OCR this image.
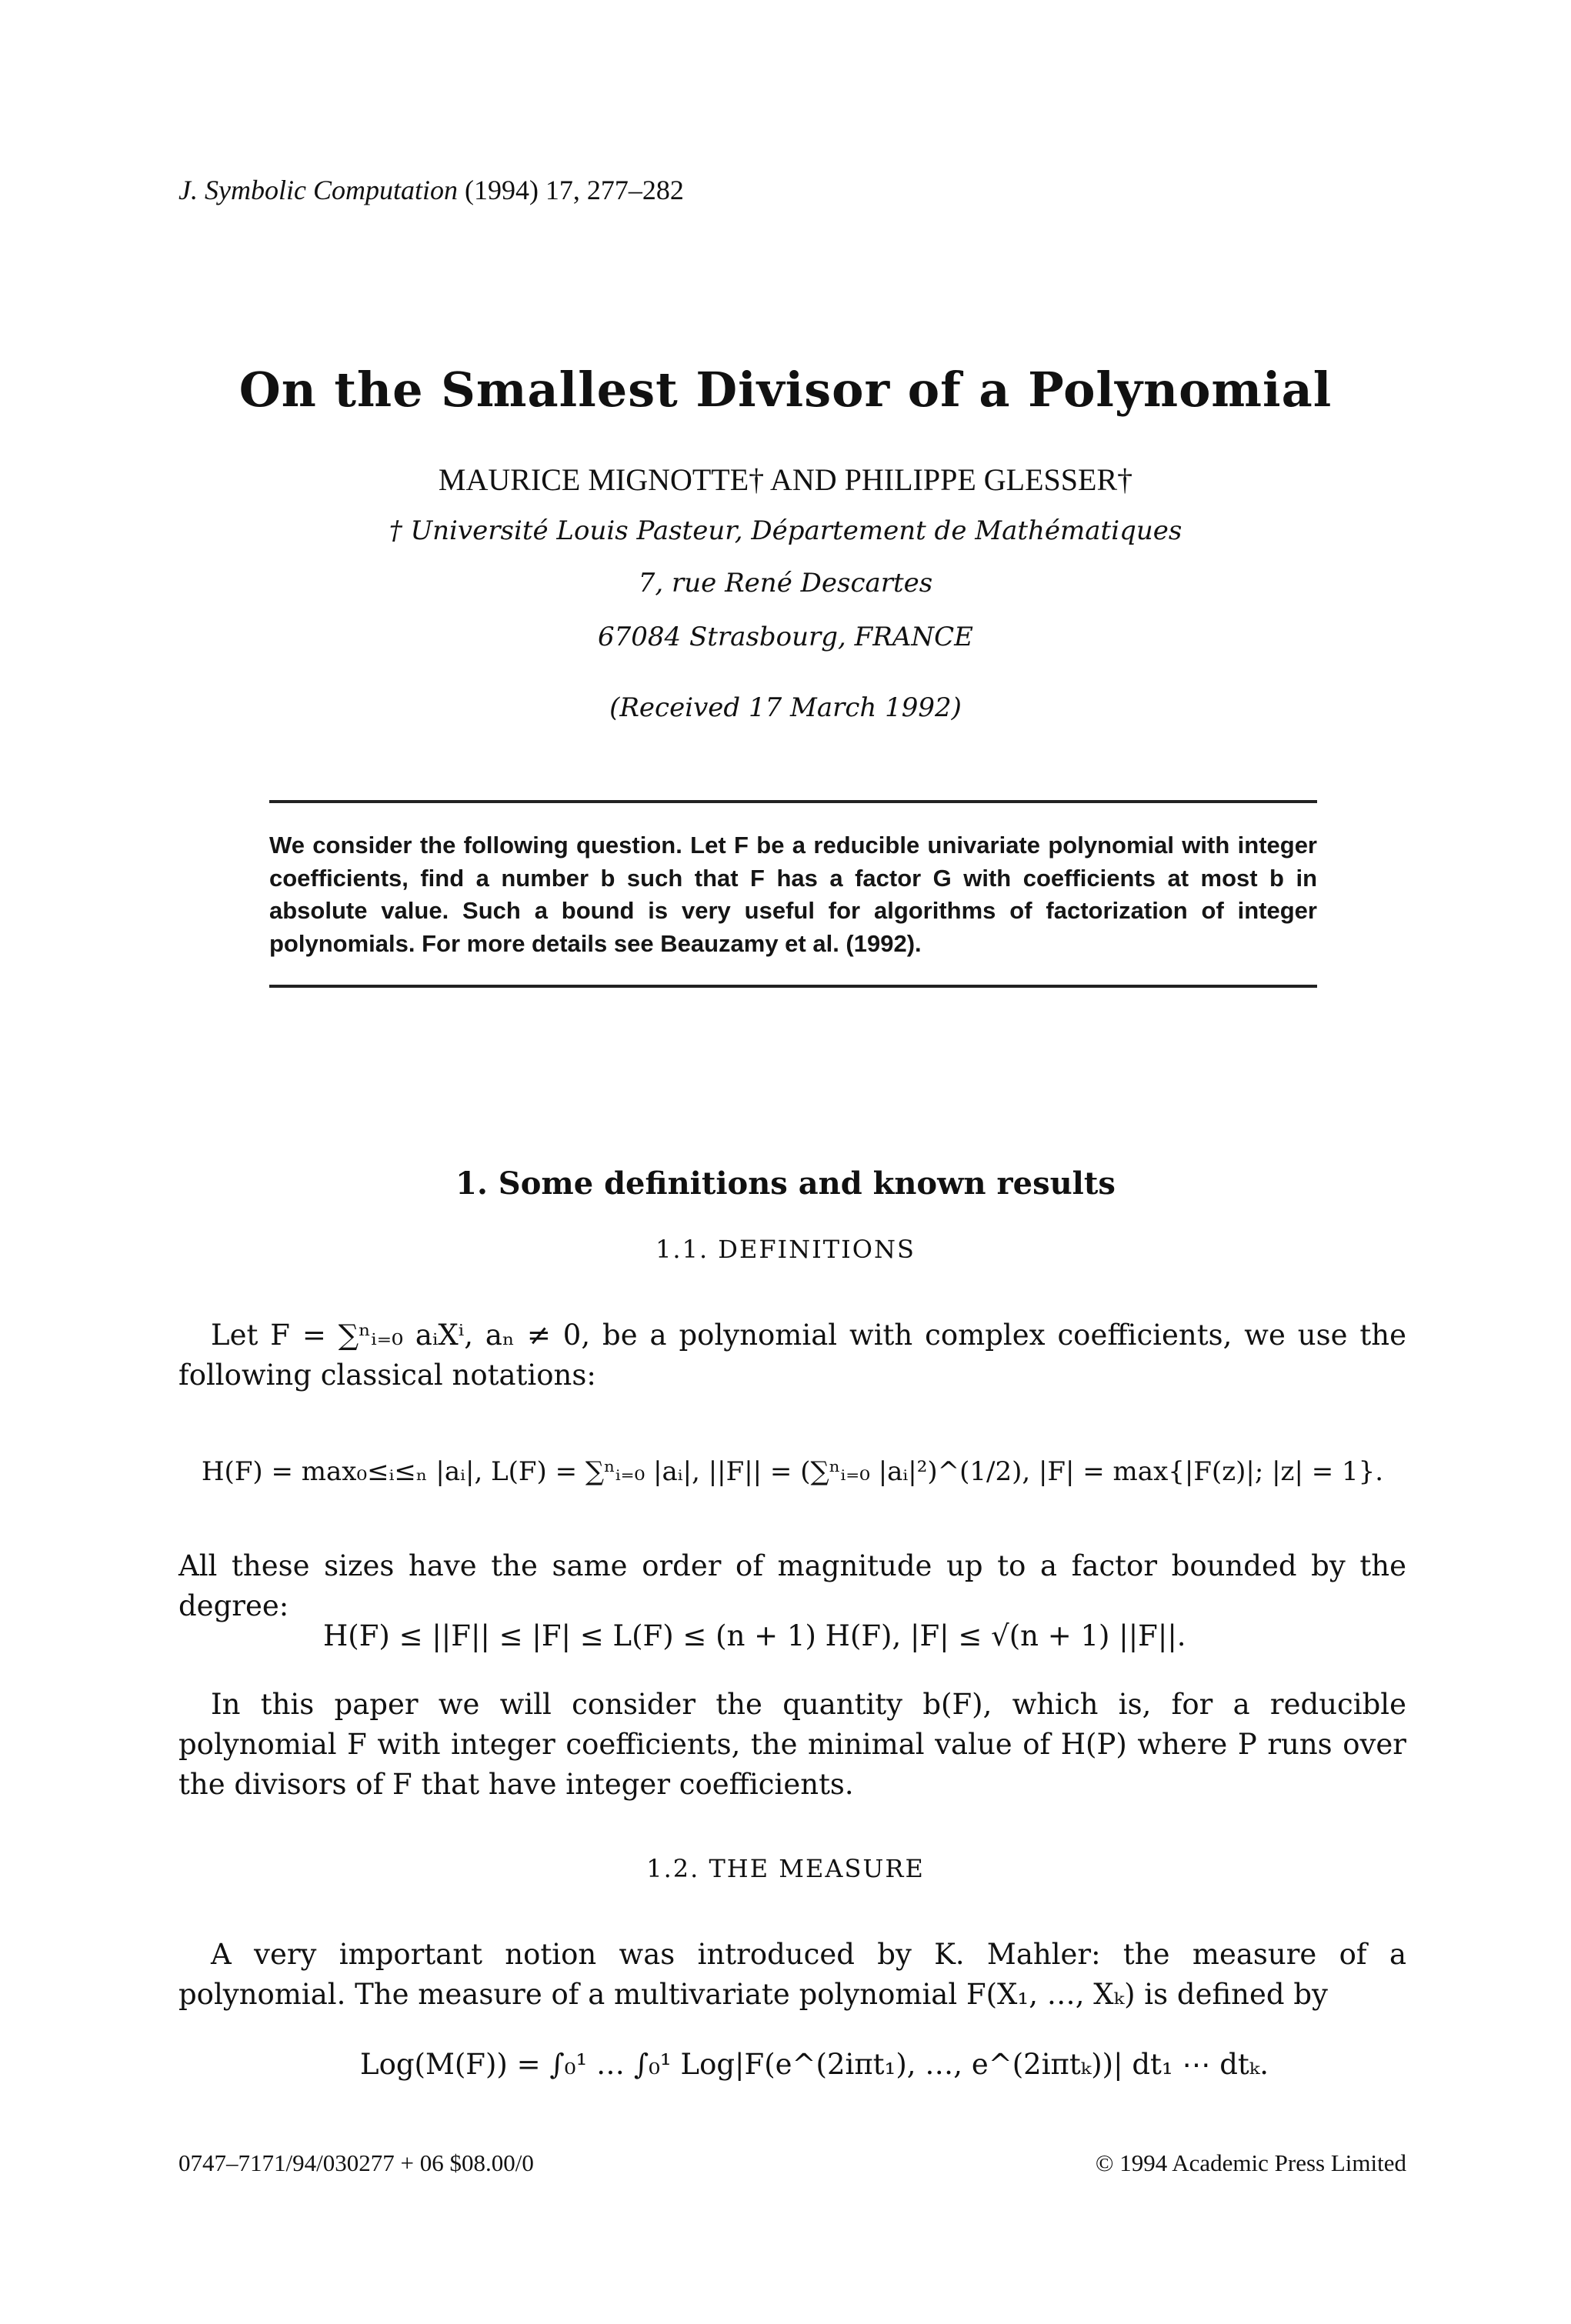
J. Symbolic Computation (1994) 17, 277–282
On the Smallest Divisor of a Polynomial
MAURICE MIGNOTTE† AND PHILIPPE GLESSER†
† Université Louis Pasteur, Département de Mathématiques
7, rue René Descartes
67084 Strasbourg, FRANCE
(Received 17 March 1992)
We consider the following question. Let F be a reducible univariate polynomial with integer coefficients, find a number b such that F has a factor G with coefficients at most b in absolute value. Such a bound is very useful for algorithms of factorization of integer polynomials. For more details see Beauzamy et al. (1992).
1. Some definitions and known results
1.1. DEFINITIONS
Let F = ∑ⁿᵢ₌₀ aᵢXⁱ, aₙ ≠ 0, be a polynomial with complex coefficients, we use the following classical notations:
H(F) = max₀≤ᵢ≤ₙ |aᵢ|, L(F) = ∑ⁿᵢ₌₀ |aᵢ|, ||F|| = (∑ⁿᵢ₌₀ |aᵢ|²)^(1/2), |F| = max{|F(z)|; |z| = 1}.
All these sizes have the same order of magnitude up to a factor bounded by the degree:
H(F) ≤ ||F|| ≤ |F| ≤ L(F) ≤ (n + 1) H(F), |F| ≤ √(n + 1) ||F||.
In this paper we will consider the quantity b(F), which is, for a reducible polynomial F with integer coefficients, the minimal value of H(P) where P runs over the divisors of F that have integer coefficients.
1.2. THE MEASURE
A very important notion was introduced by K. Mahler: the measure of a polynomial. The measure of a multivariate polynomial F(X₁, …, Xₖ) is defined by
Log(M(F)) = ∫₀¹ … ∫₀¹ Log|F(e^(2iπt₁), …, e^(2iπtₖ))| dt₁ ⋯ dtₖ.
0747–7171/94/030277 + 06 $08.00/0	© 1994 Academic Press Limited
